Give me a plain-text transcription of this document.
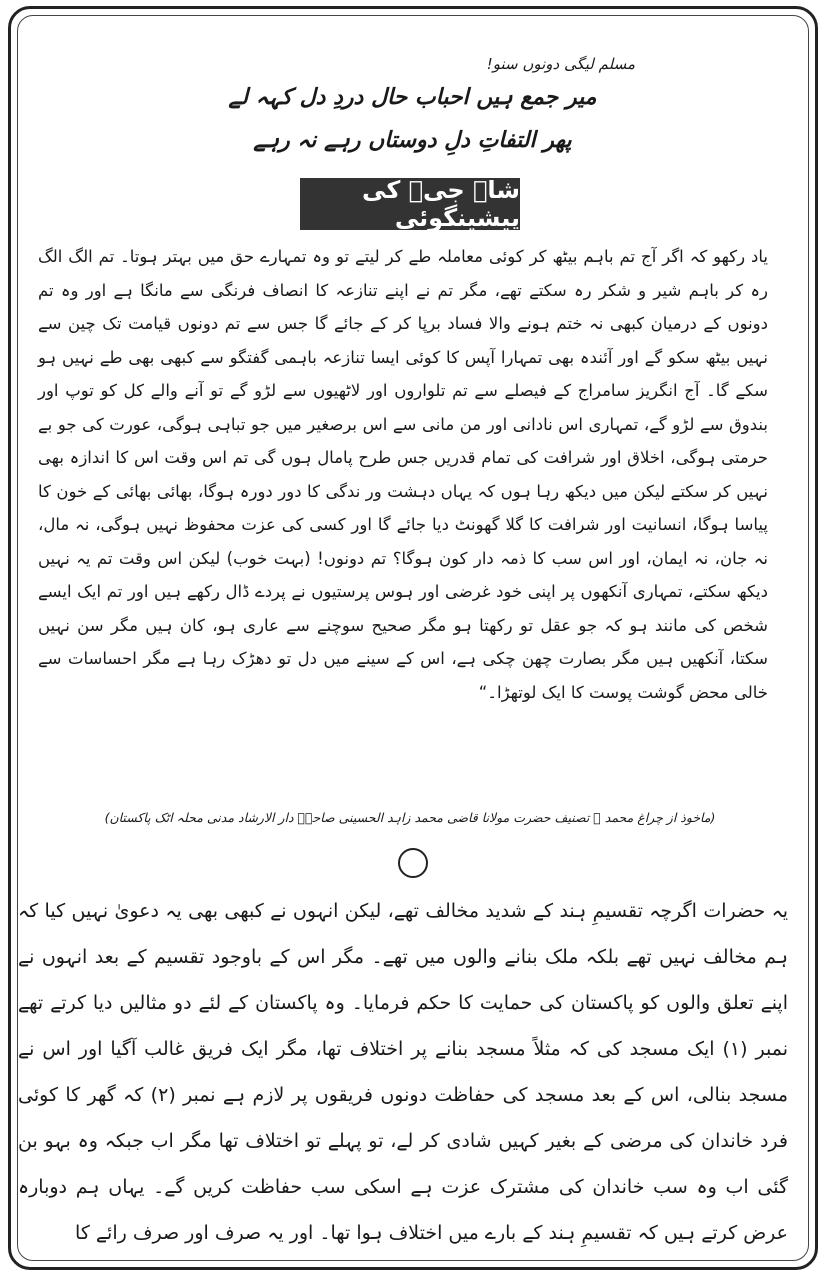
مسلم لیگی دونوں سنو!
میر جمع ہیں احباب حال دردِ دل کہہ لے
پھر التفاتِ دلِ دوستاں رہے نہ رہے
شاہ جیؒ کی پیشینگوئی
یاد رکھو کہ اگر آج تم باہم بیٹھ کر کوئی معاملہ طے کر لیتے تو وہ تمہارے حق میں بہتر ہوتا۔ تم الگ الگ رہ کر باہم شیر و شکر رہ سکتے تھے، مگر تم نے اپنے تنازعہ کا انصاف فرنگی سے مانگا ہے اور وہ تم دونوں کے درمیان کبھی نہ ختم ہونے والا فساد برپا کر کے جائے گا جس سے تم دونوں قیامت تک چین سے نہیں بیٹھ سکو گے اور آئندہ بھی تمہارا آپس کا کوئی ایسا تنازعہ باہمی گفتگو سے کبھی بھی طے نہیں ہو سکے گا۔ آج انگریز سامراج کے فیصلے سے تم تلواروں اور لاٹھیوں سے لڑو گے تو آنے والے کل کو توپ اور بندوق سے لڑو گے، تمہاری اس نادانی اور من مانی سے اس برصغیر میں جو تباہی ہوگی، عورت کی جو بے حرمتی ہوگی، اخلاق اور شرافت کی تمام قدریں جس طرح پامال ہوں گی تم اس وقت اس کا اندازہ بھی نہیں کر سکتے لیکن میں دیکھ رہا ہوں کہ یہاں دہشت ور ندگی کا دور دورہ ہوگا، بھائی بھائی کے خون کا پیاسا ہوگا، انسانیت اور شرافت کا گلا گھونٹ دیا جائے گا اور کسی کی عزت محفوظ نہیں ہوگی، نہ مال، نہ جان، نہ ایمان، اور اس سب کا ذمہ دار کون ہوگا؟ تم دونوں! (بہت خوب) لیکن اس وقت تم یہ نہیں دیکھ سکتے، تمہاری آنکھوں پر اپنی خود غرضی اور ہوس پرستیوں نے پردے ڈال رکھے ہیں اور تم ایک ایسے شخص کی مانند ہو کہ جو عقل تو رکھتا ہو مگر صحیح سوچنے سے عاری ہو، کان ہیں مگر سن نہیں سکتا، آنکھیں ہیں مگر بصارت چھن چکی ہے، اس کے سینے میں دل تو دھڑک رہا ہے مگر احساسات سے خالی محض گوشت پوست کا ایک لوتھڑا۔“
(ماخوذ از چراغ محمد ﷺ تصنیف حضرت مولانا قاضی محمد زاہد الحسینی صاحبؒ دار الارشاد مدنی محلہ اٹک پاکستان)
یہ حضرات اگرچہ تقسیمِ ہند کے شدید مخالف تھے، لیکن انہوں نے کبھی بھی یہ دعویٰ نہیں کیا کہ ہم مخالف نہیں تھے بلکہ ملک بنانے والوں میں تھے۔ مگر اس کے باوجود تقسیم کے بعد انہوں نے اپنے تعلق والوں کو پاکستان کی حمایت کا حکم فرمایا۔ وہ پاکستان کے لئے دو مثالیں دیا کرتے تھے نمبر (۱) ایک مسجد کی کہ مثلاً مسجد بنانے پر اختلاف تھا، مگر ایک فریق غالب آگیا اور اس نے مسجد بنالی، اس کے بعد مسجد کی حفاظت دونوں فریقوں پر لازم ہے نمبر (۲) کہ گھر کا کوئی فرد خاندان کی مرضی کے بغیر کہیں شادی کر لے، تو پہلے تو اختلاف تھا مگر اب جبکہ وہ بہو بن گئی اب وہ سب خاندان کی مشترک عزت ہے اسکی سب حفاظت کریں گے۔ یہاں ہم دوبارہ عرض کرتے ہیں کہ تقسیمِ ہند کے بارے میں اختلاف ہوا تھا۔ اور یہ صرف اور صرف رائے کا
